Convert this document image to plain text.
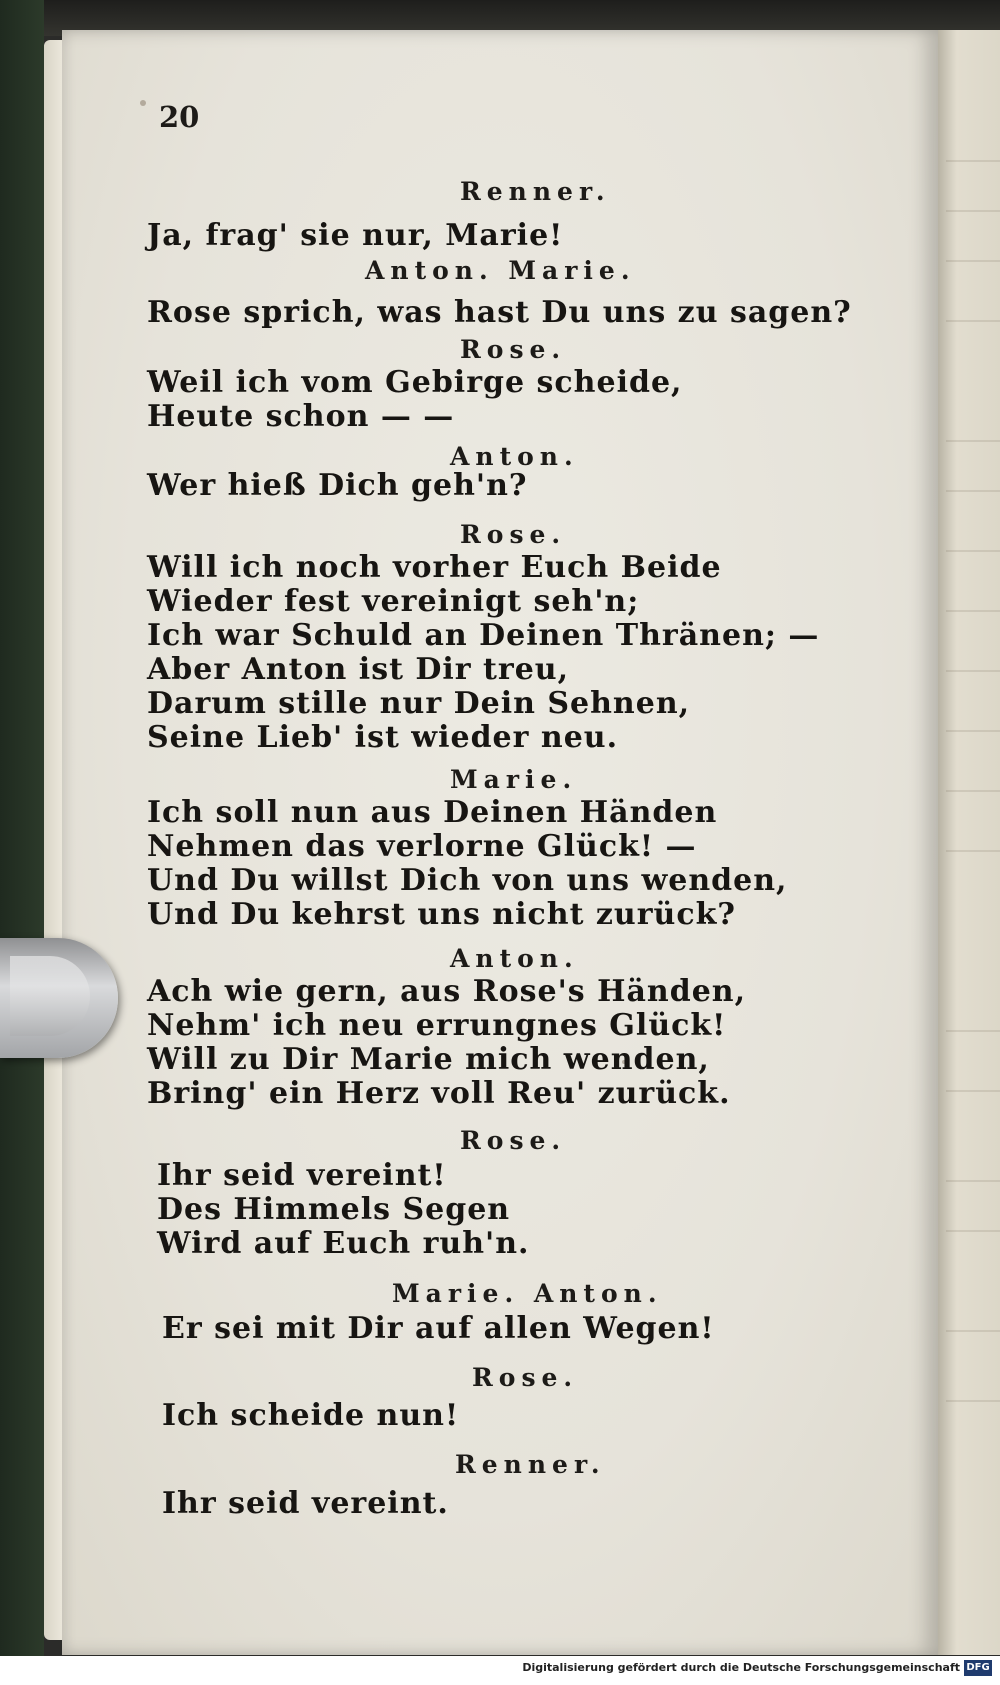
20
Renner.
Ja, frag' sie nur, Marie!
Anton. Marie.
Rose sprich, was hast Du uns zu sagen?
Rose.
Weil ich vom Gebirge scheide,
Heute schon — —
Anton.
Wer hieß Dich geh'n?
Rose.
Will ich noch vorher Euch Beide
Wieder fest vereinigt seh'n;
Ich war Schuld an Deinen Thränen; —
Aber Anton ist Dir treu,
Darum stille nur Dein Sehnen,
Seine Lieb' ist wieder neu.
Marie.
Ich soll nun aus Deinen Händen
Nehmen das verlorne Glück! —
Und Du willst Dich von uns wenden,
Und Du kehrst uns nicht zurück?
Anton.
Ach wie gern, aus Rose's Händen,
Nehm' ich neu errungnes Glück!
Will zu Dir Marie mich wenden,
Bring' ein Herz voll Reu' zurück.
Rose.
Ihr seid vereint!
Des Himmels Segen
Wird auf Euch ruh'n.
Marie. Anton.
Er sei mit Dir auf allen Wegen!
Rose.
Ich scheide nun!
Renner.
Ihr seid vereint.
Digitalisierung gefördert durch die Deutsche Forschungsgemeinschaft DFG
